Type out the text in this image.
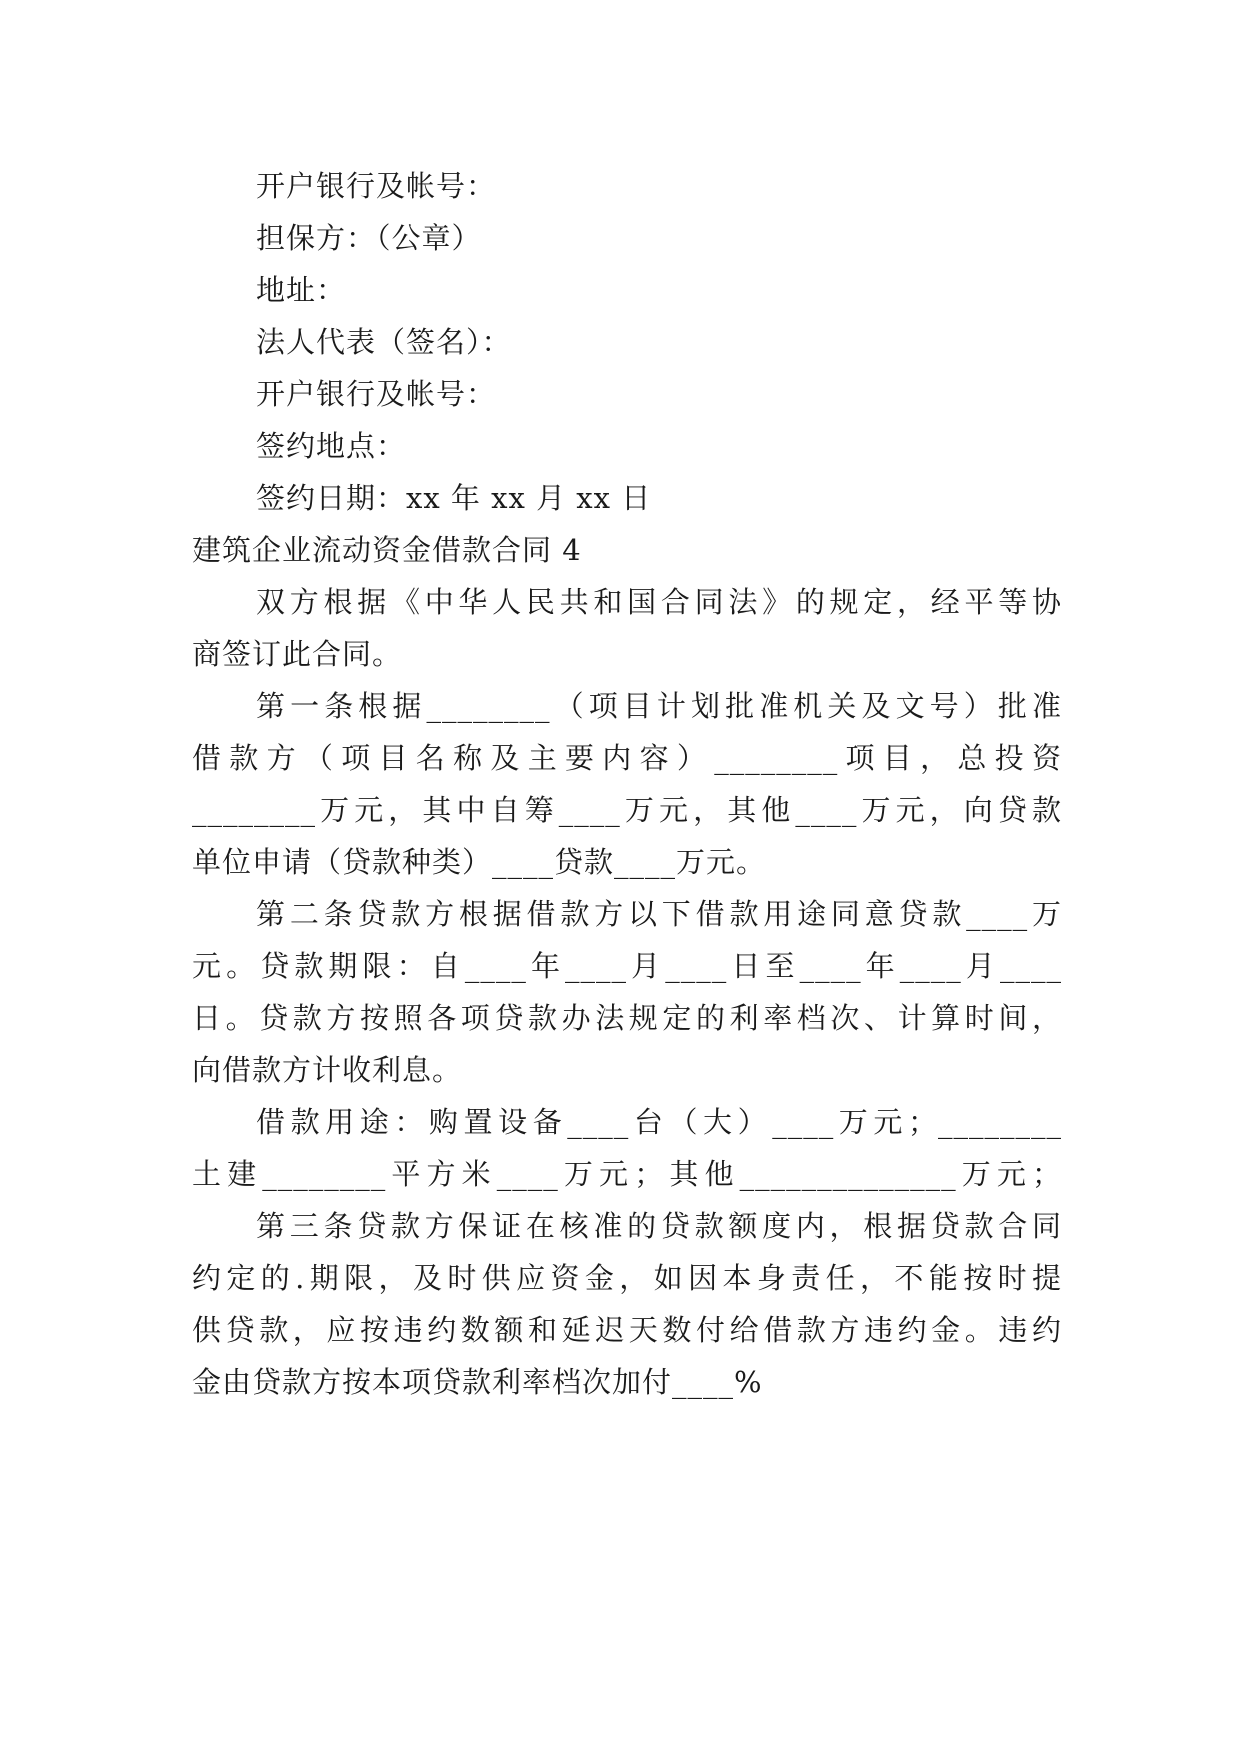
开户银行及帐号：
担保方：（公章）
地址：
法人代表（签名）：
开户银行及帐号：
签约地点：
签约日期：xx 年 xx 月 xx 日
建筑企业流动资金借款合同 4
双方根据《中华人民共和国合同法》的规定，经平等协
商签订此合同。
第一条根据________（项目计划批准机关及文号）批准
借款方（项目名称及主要内容）________项目，总投资
________万元，其中自筹____万元，其他____万元，向贷款
单位申请（贷款种类）____贷款____万元。
第二条贷款方根据借款方以下借款用途同意贷款____万
元。贷款期限：自____年____月____日至____年____月____
日。贷款方按照各项贷款办法规定的利率档次、计算时间，
向借款方计收利息。
借款用途：购置设备____台（大）____万元；________
土建________平方米____万元；其他______________万元；
第三条贷款方保证在核准的贷款额度内，根据贷款合同
约定的.期限，及时供应资金，如因本身责任，不能按时提
供贷款，应按违约数额和延迟天数付给借款方违约金。违约
金由贷款方按本项贷款利率档次加付____%
